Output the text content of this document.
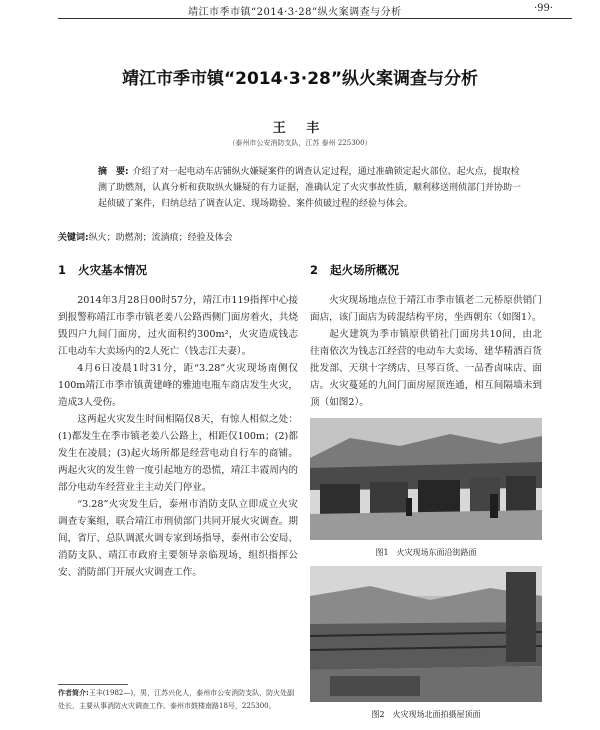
靖江市季市镇“2014·3·28”纵火案调查与分析	·99·
靖江市季市镇“2014·3·28”纵火案调查与分析
王 丰
（泰州市公安消防支队，江苏 泰州 225300）
摘　要: 介绍了对一起电动车店铺纵火嫌疑案件的调查认定过程，通过准确锁定起火部位、起火点，提取检测了助燃剂，认真分析和获取纵火嫌疑的有力证据，准确认定了火灾事故性质，顺利移送刑侦部门并协助一起侦破了案件，归纳总结了调查认定、现场勘验、案件侦破过程的经验与体会。
关键词:纵火；助燃剂；流淌痕；经验及体会
1 火灾基本情况

2014年3月28日00时57分，靖江市119指挥中心接到报警称靖江市季市镇老姜八公路西侧门面房着火，共烧毁四户九间门面房，过火面积约300m²，火灾造成钱志江电动车大卖场内的2人死亡（钱志江夫妻）。

4月6日凌晨1时31分，距“3.28”火灾现场南侧仅100m靖江市季市镇黄建峰的雅迪电瓶车商店发生火灾，造成3人受伤。

这两起火灾发生时间相隔仅8天，有惊人相似之处：(1)都发生在季市镇老姜八公路上，相距仅100m；(2)都发生在凌晨；(3)起火场所都是经营电动自行车的商铺。两起火灾的发生曾一度引起地方的恐慌，靖江丰霞周内的部分电动车经营业主主动关门停业。

“3.28”火灾发生后，泰州市消防支队立即成立火灾调查专案组，联合靖江市刑侦部门共同开展火灾调查。期间，省厅、总队调派火调专家到场指导，泰州市公安局、消防支队、靖江市政府主要领导亲临现场，组织指挥公安、消防部门开展火灾调查工作。

2 起火场所概况

火灾现场地点位于靖江市季市镇老二元桥原供销门面店，该门面店为砖混结构平房，坐西朝东（如图1）。

起火建筑为季市镇原供销社门面房共10间，由北往南依次为钱志江经营的电动车大卖场、建华精酒百货批发部、天琪十字绣店、旦琴百货、一品香卤味店、面店。火灾蔓延的九间门面房屋顶连通，相互间隔墙未到顶（如图2）。

图1　火灾现场东面沿街路面
图2　火灾现场北面拍摄屋顶面
作者简介:王丰(1982—)，男，江苏兴化人，泰州市公安消防支队，防火处副处长，主要从事消防火灾调查工作。泰州市鼓楼南路18号，225300。
